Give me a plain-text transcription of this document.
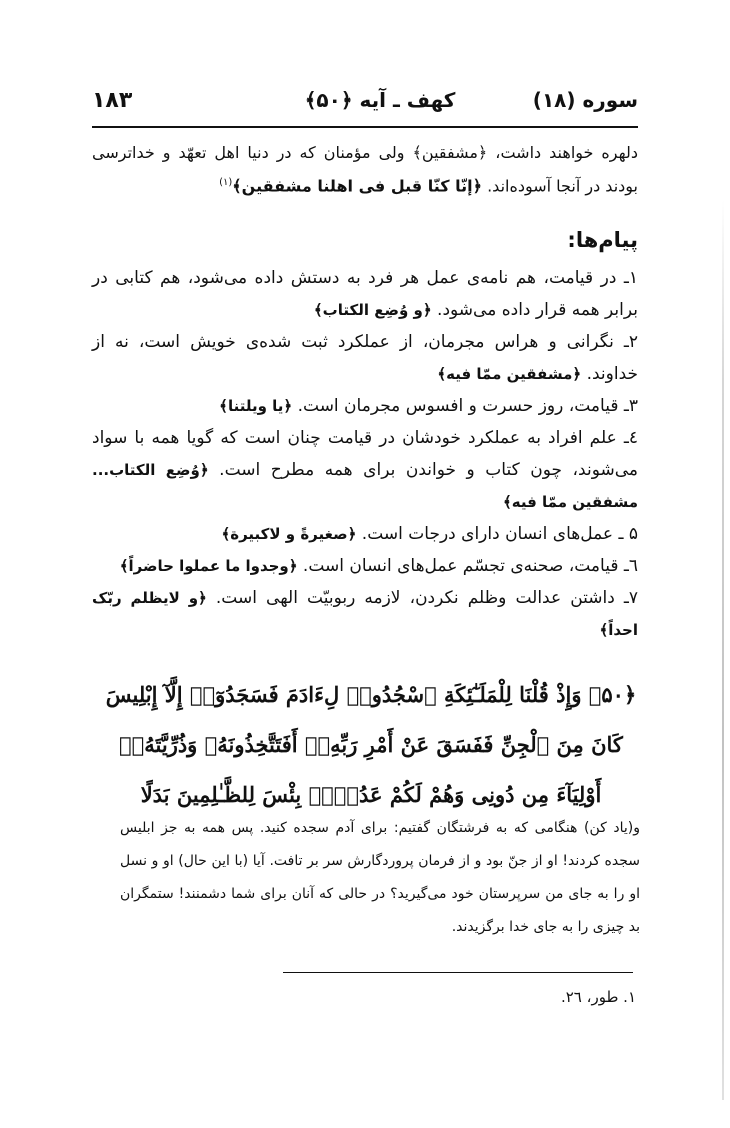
سوره (۱۸)
کهف ـ آیه ﴿۵۰﴾
۱۸۳
دلهره خواهند داشت، ﴿مشفقین﴾ ولی مؤمنان که در دنیا اهل تعهّد و خداترسی بودند در آنجا آسوده‌اند. ﴿إنّا کنّا قبل فی اهلنا مشفقین﴾$^{(۱)}$
پیام‌ها:

۱ـ در قیامت، هم نامه‌ی عمل هر فرد به دستش داده می‌شود، هم کتابی در برابر همه قرار داده می‌شود. ﴿و وُضِع الکتاب﴾

۲ـ نگرانی و هراس مجرمان، از عملکرد ثبت شده‌ی خویش است، نه از خداوند. ﴿مشفقین ممّا فیه﴾

۳ـ قیامت، روز حسرت و افسوس مجرمان است. ﴿یا ویلتنا﴾

٤ـ علم افراد به عملکرد خودشان در قیامت چنان است که گویا همه با سواد می‌شوند، چون کتاب و خواندن برای همه مطرح است. ﴿وُضِع الکتاب... مشفقین ممّا فیه﴾

۵ ـ عمل‌های انسان دارای درجات است. ﴿صغیرةً و لاکبیرة﴾

٦ـ قیامت، صحنه‌ی تجسّم عمل‌های انسان است. ﴿وجدوا ما عملوا حاضراً﴾

۷ـ داشتن عدالت وظلم نکردن، لازمه ربوبیّت الهی است. ﴿و لایظلم ربّک احداً﴾

﴿۵۰﴾ وَإِذْ قُلْنَا لِلْمَلَـٰٓئِكَةِ ٱسْجُدُوا۟ لِءَادَمَ فَسَجَدُوٓا۟ إِلَّآ إِبْلِيسَ كَانَ مِنَ ٱلْجِنِّ فَفَسَقَ عَنْ أَمْرِ رَبِّهِۦٓ أَفَتَتَّخِذُونَهُۥ وَذُرِّيَّتَهُۥٓ أَوْلِيَآءَ مِن دُونِى وَهُمْ لَكُمْ عَدُوٌّۢ بِئْسَ لِلظَّـٰلِمِينَ بَدَلًا
و(یاد کن) هنگامی که به فرشتگان گفتیم: برای آدم سجده کنید. پس همه به جز ابلیس سجده کردند! او از جنّ بود و از فرمان پروردگارش سر بر تافت. آیا (با این حال) او و نسل او را به جای من سرپرستان خود می‌گیرید؟ در حالی که آنان برای شما دشمنند! ستمگران بد چیزی را به جای خدا برگزیدند.
۱. طور، ٢٦.
